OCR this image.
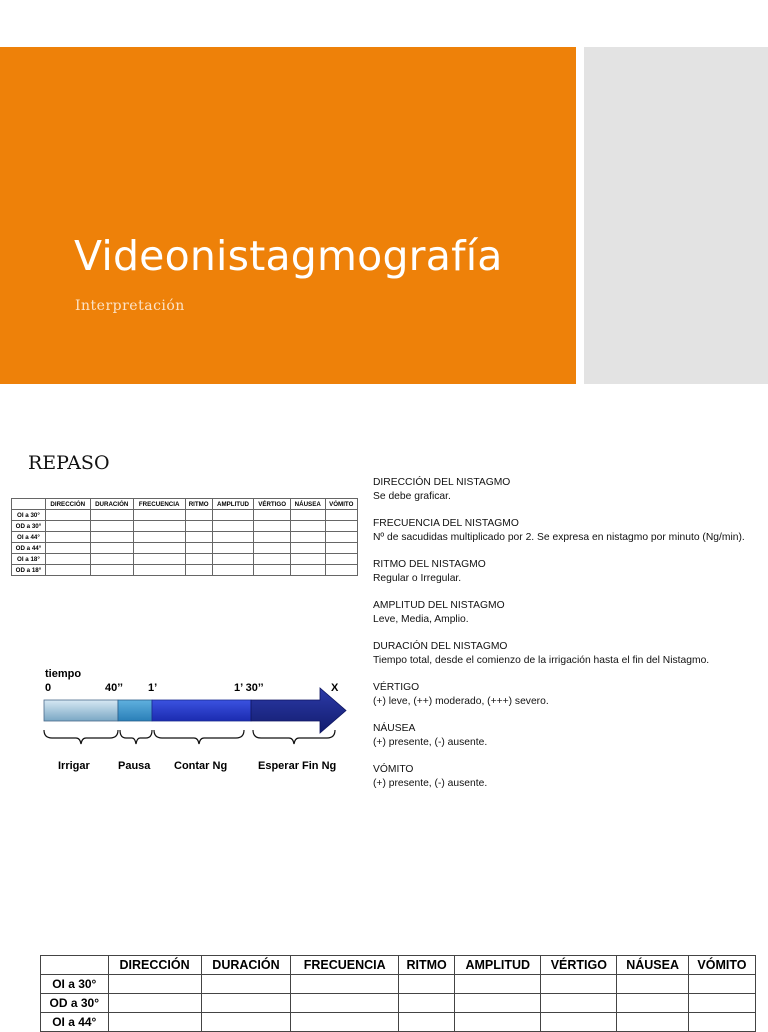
Videonistagmografía
Interpretación
REPASO
	DIRECCIÓN	DURACIÓN	FRECUENCIA	RITMO	AMPLITUD	VÉRTIGO	NÁUSEA	VÓMITO
OI a 30°								
OD a 30°								
OI a 44°								
OD a 44°								
OI a 18°								
OD a 18°								
tiempo
0	40’’ 1’	1’ 30’’	X
Irrigar	Pausa Contar Ng	Esperar Fin Ng
DIRECCIÓN DEL NISTAGMO
Se debe graficar.
FRECUENCIA DEL NISTAGMO
Nº de sacudidas multiplicado por 2. Se expresa en nistagmo por minuto (Ng/min).
RITMO DEL NISTAGMO
Regular o Irregular.
AMPLITUD DEL NISTAGMO
Leve, Media, Amplio.
DURACIÓN DEL NISTAGMO
Tiempo total, desde el comienzo de la irrigación hasta el fin del Nistagmo.
VÉRTIGO
(+) leve, (++) moderado, (+++) severo.
NÁUSEA
(+) presente, (-) ausente.
VÓMITO
(+) presente, (-) ausente.
	DIRECCIÓN	DURACIÓN	FRECUENCIA	RITMO	AMPLITUD	VÉRTIGO	NÁUSEA	VÓMITO
OI a 30°								
OD a 30°								
OI a 44°								
